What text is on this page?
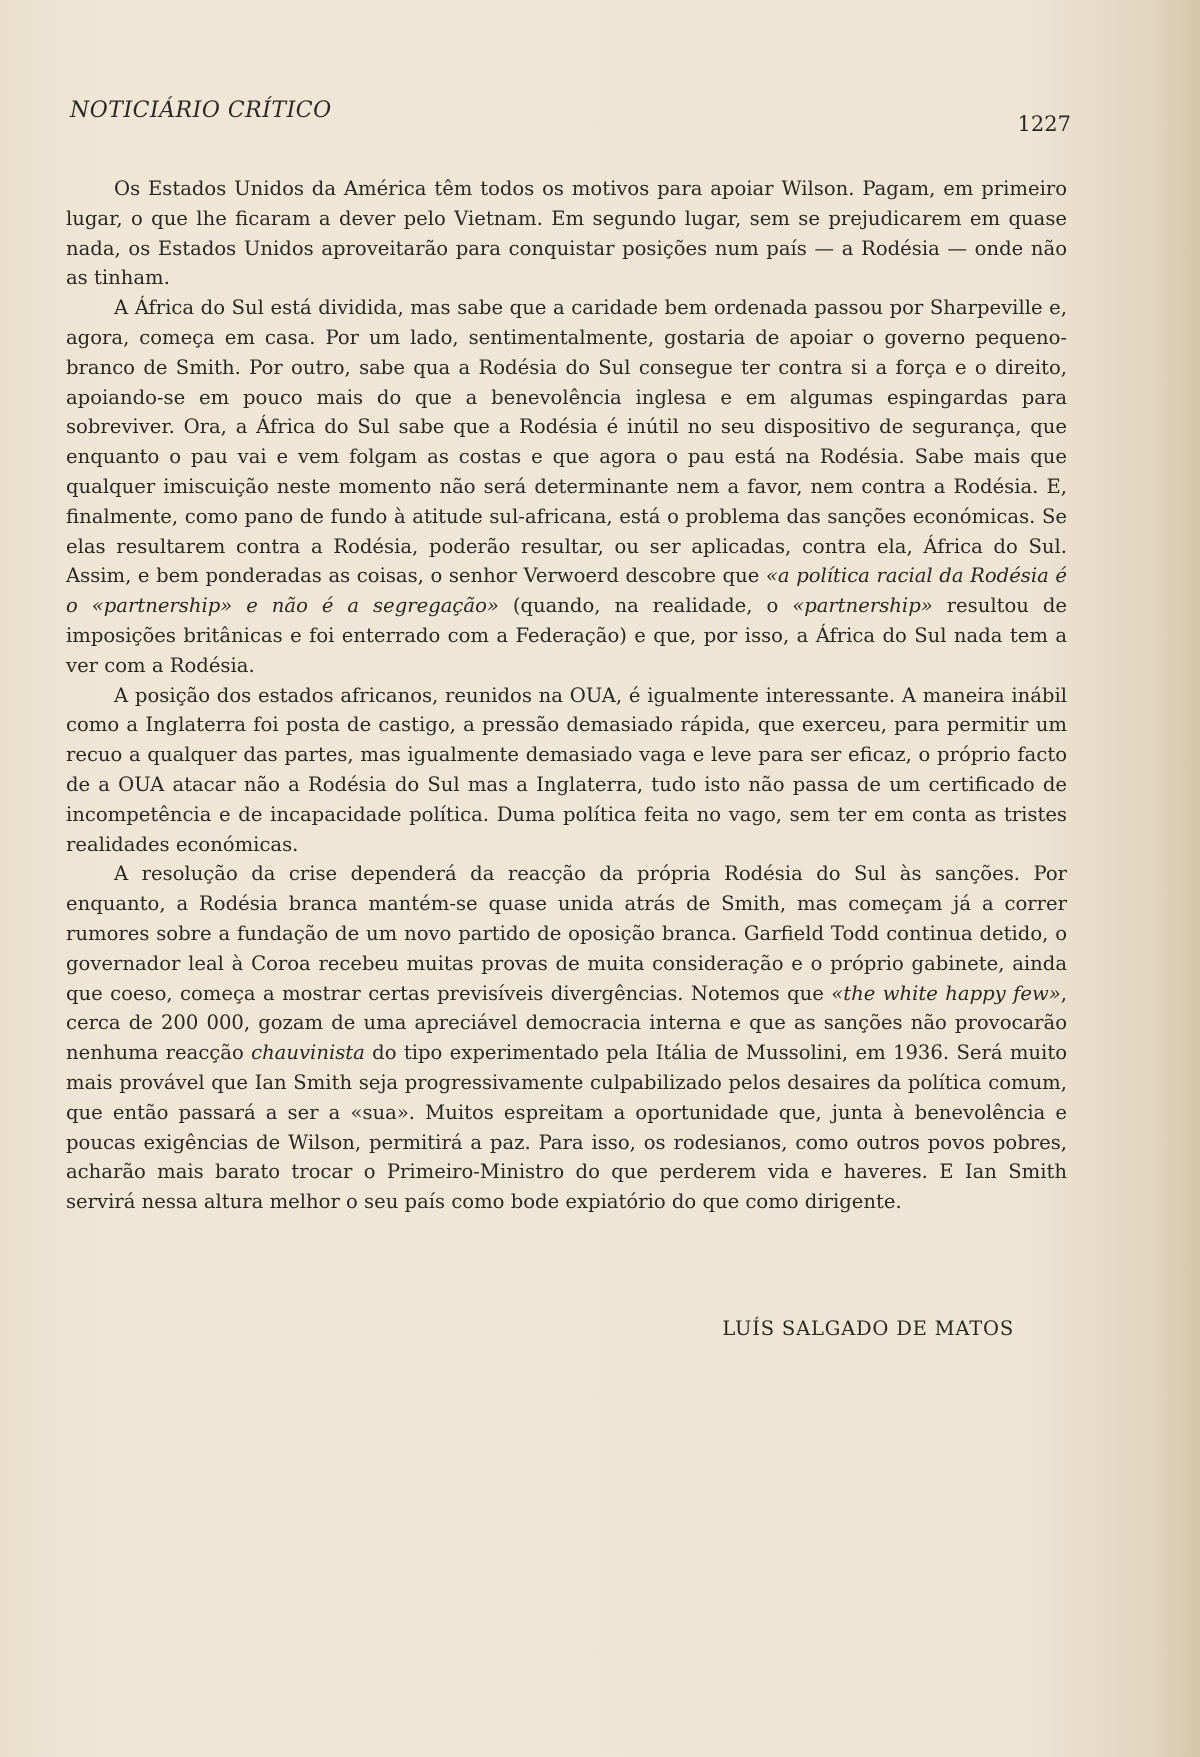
NOTICIÁRIO CRÍTICO
1227

Os Estados Unidos da América têm todos os motivos para apoiar Wilson. Pagam, em primeiro lugar, o que lhe ficaram a dever pelo Vietnam. Em segundo lugar, sem se prejudicarem em quase nada, os Estados Unidos aproveitarão para conquistar posições num país — a Rodésia — onde não as tinham.

A África do Sul está dividida, mas sabe que a caridade bem ordenada passou por Sharpeville e, agora, começa em casa. Por um lado, sentimentalmente, gostaria de apoiar o governo pequeno-branco de Smith. Por outro, sabe qua a Rodésia do Sul consegue ter contra si a força e o direito, apoiando-se em pouco mais do que a benevolência inglesa e em algumas espingardas para sobreviver. Ora, a África do Sul sabe que a Rodésia é inútil no seu dispositivo de segurança, que enquanto o pau vai e vem folgam as costas e que agora o pau está na Rodésia. Sabe mais que qualquer imiscuição neste momento não será determinante nem a favor, nem contra a Rodésia. E, finalmente, como pano de fundo à atitude sul-africana, está o problema das sanções económicas. Se elas resultarem contra a Rodésia, poderão resultar, ou ser aplicadas, contra ela, África do Sul. Assim, e bem ponderadas as coisas, o senhor Verwoerd descobre que «a política racial da Rodésia é o «partnership» e não é a segregação» (quando, na realidade, o «partnership» resultou de imposições britânicas e foi enterrado com a Federação) e que, por isso, a África do Sul nada tem a ver com a Rodésia.

A posição dos estados africanos, reunidos na OUA, é igualmente interessante. A maneira inábil como a Inglaterra foi posta de castigo, a pressão demasiado rápida, que exerceu, para permitir um recuo a qualquer das partes, mas igualmente demasiado vaga e leve para ser eficaz, o próprio facto de a OUA atacar não a Rodésia do Sul mas a Inglaterra, tudo isto não passa de um certificado de incompetência e de incapacidade política. Duma política feita no vago, sem ter em conta as tristes realidades económicas.

A resolução da crise dependerá da reacção da própria Rodésia do Sul às sanções. Por enquanto, a Rodésia branca mantém-se quase unida atrás de Smith, mas começam já a correr rumores sobre a fundação de um novo partido de oposição branca. Garfield Todd continua detido, o governador leal à Coroa recebeu muitas provas de muita consideração e o próprio gabinete, ainda que coeso, começa a mostrar certas previsíveis divergências. Notemos que «the white happy few», cerca de 200 000, gozam de uma apreciável democracia interna e que as sanções não provocarão nenhuma reacção chauvinista do tipo experimentado pela Itália de Mussolini, em 1936. Será muito mais provável que Ian Smith seja progressivamente culpabilizado pelos desaires da política comum, que então passará a ser a «sua». Muitos espreitam a oportunidade que, junta à benevolência e poucas exigências de Wilson, permitirá a paz. Para isso, os rodesianos, como outros povos pobres, acharão mais barato trocar o Primeiro-Ministro do que perderem vida e haveres. E Ian Smith servirá nessa altura melhor o seu país como bode expiatório do que como dirigente.

LUÍS SALGADO DE MATOS
